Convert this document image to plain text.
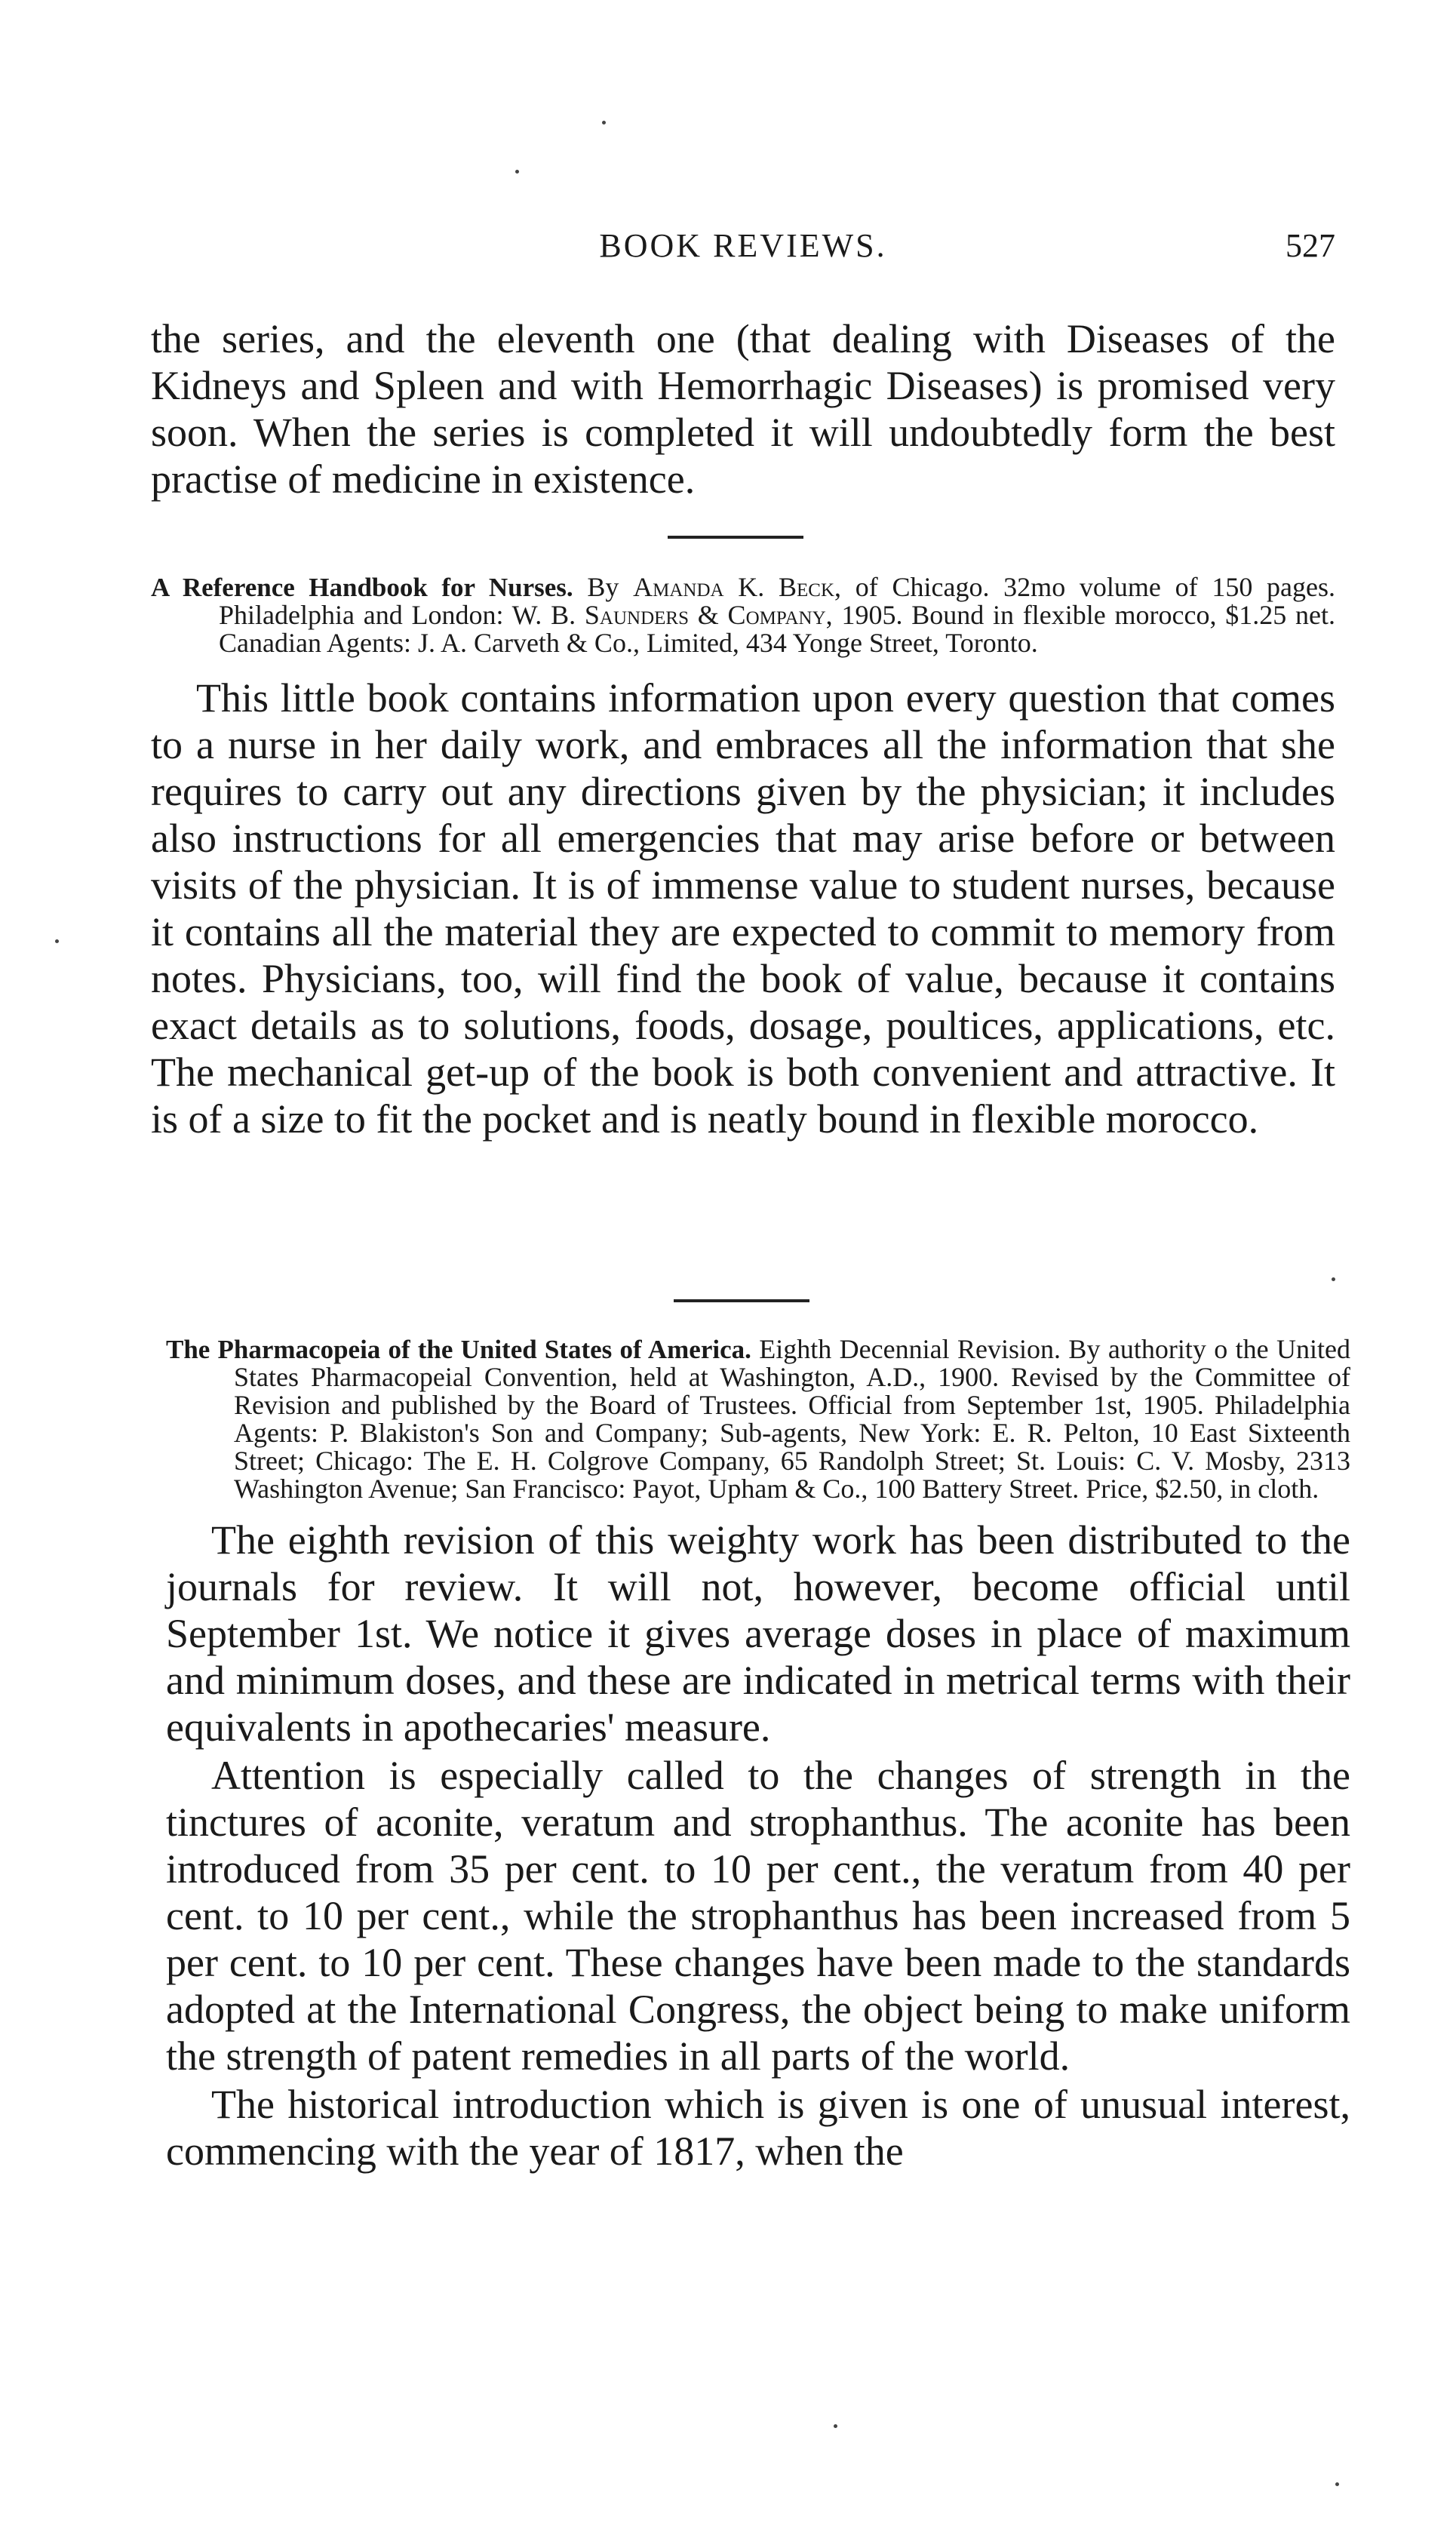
BOOK REVIEWS.	527

the series, and the eleventh one (that dealing with Diseases of the Kidneys and Spleen and with Hemorrhagic Diseases) is promised very soon. When the series is completed it will undoubtedly form the best practise of medicine in existence.

A Reference Handbook for Nurses. By Amanda K. Beck, of Chicago. 32mo volume of 150 pages. Philadelphia and London: W. B. Saunders & Company, 1905. Bound in flexible morocco, $1.25 net. Canadian Agents: J. A. Carveth & Co., Limited, 434 Yonge Street, Toronto.

This little book contains information upon every question that comes to a nurse in her daily work, and embraces all the information that she requires to carry out any directions given by the physician; it includes also instructions for all emergencies that may arise before or between visits of the physician. It is of immense value to student nurses, because it contains all the material they are expected to commit to memory from notes. Physicians, too, will find the book of value, because it contains exact details as to solutions, foods, dosage, poultices, applications, etc. The mechanical get-up of the book is both convenient and attractive. It is of a size to fit the pocket and is neatly bound in flexible morocco.

The Pharmacopeia of the United States of America. Eighth Decennial Revision. By authority o the United States Pharmacopeial Convention, held at Washington, A.D., 1900. Revised by the Committee of Revision and published by the Board of Trustees. Official from September 1st, 1905. Philadelphia Agents: P. Blakiston's Son and Company; Sub-agents, New York: E. R. Pelton, 10 East Sixteenth Street; Chicago: The E. H. Colgrove Company, 65 Randolph Street; St. Louis: C. V. Mosby, 2313 Washington Avenue; San Francisco: Payot, Upham & Co., 100 Battery Street. Price, $2.50, in cloth.

The eighth revision of this weighty work has been distributed to the journals for review. It will not, however, become official until September 1st. We notice it gives average doses in place of maximum and minimum doses, and these are indicated in metrical terms with their equivalents in apothecaries' measure.

Attention is especially called to the changes of strength in the tinctures of aconite, veratum and strophanthus. The aconite has been introduced from 35 per cent. to 10 per cent., the veratum from 40 per cent. to 10 per cent., while the strophanthus has been increased from 5 per cent. to 10 per cent. These changes have been made to the standards adopted at the International Congress, the object being to make uniform the strength of patent remedies in all parts of the world.

The historical introduction which is given is one of unusual interest, commencing with the year of 1817, when the
